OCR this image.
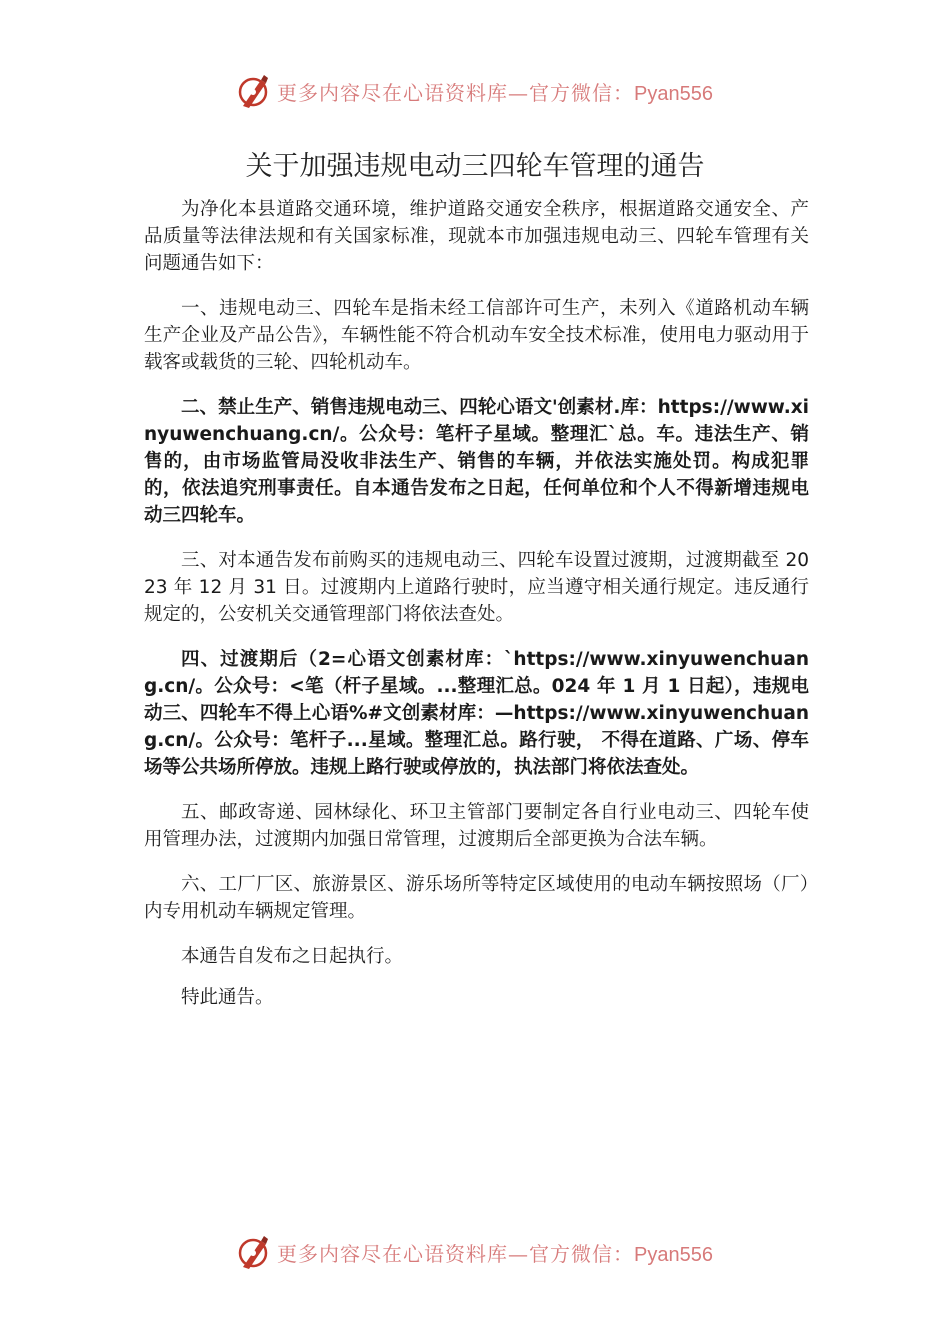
更多内容尽在心语资料库—官方微信：Pyan556
关于加强违规电动三四轮车管理的通告

为净化本县道路交通环境，维护道路交通安全秩序，根据道路交通安全、产品质量等法律法规和有关国家标准，现就本市加强违规电动三、四轮车管理有关问题通告如下：

一、违规电动三、四轮车是指未经工信部许可生产，未列入《道路机动车辆生产企业及产品公告》，车辆性能不符合机动车安全技术标准，使用电力驱动用于载客或载货的三轮、四轮机动车。

二、禁止生产、销售违规电动三、四轮心语文'创素材.库：https://www.xinyuwenchuang.cn/。公众号：笔杆子星域。整理汇`总。车。违法生产、销售的，由市场监管局没收非法生产、销售的车辆，并依法实施处罚。构成犯罪的，依法追究刑事责任。自本通告发布之日起，任何单位和个人不得新增违规电动三四轮车。

三、对本通告发布前购买的违规电动三、四轮车设置过渡期，过渡期截至 2023 年 12 月 31 日。过渡期内上道路行驶时，应当遵守相关通行规定。违反通行规定的，公安机关交通管理部门将依法查处。

四、过渡期后（2=心语文创素材库：`https://www.xinyuwenchuang.cn/。公众号：<笔（杆子星域。...整理汇总。024 年 1 月 1 日起），违规电动三、四轮车不得上心语%#文创素材库：—https://www.xinyuwenchuang.cn/。公众号：笔杆子...星域。整理汇总。路行驶， 不得在道路、广场、停车场等公共场所停放。违规上路行驶或停放的，执法部门将依法查处。

五、邮政寄递、园林绿化、环卫主管部门要制定各自行业电动三、四轮车使用管理办法，过渡期内加强日常管理，过渡期后全部更换为合法车辆。

六、工厂厂区、旅游景区、游乐场所等特定区域使用的电动车辆按照场（厂）内专用机动车辆规定管理。

本通告自发布之日起执行。

特此通告。

更多内容尽在心语资料库—官方微信：Pyan556
